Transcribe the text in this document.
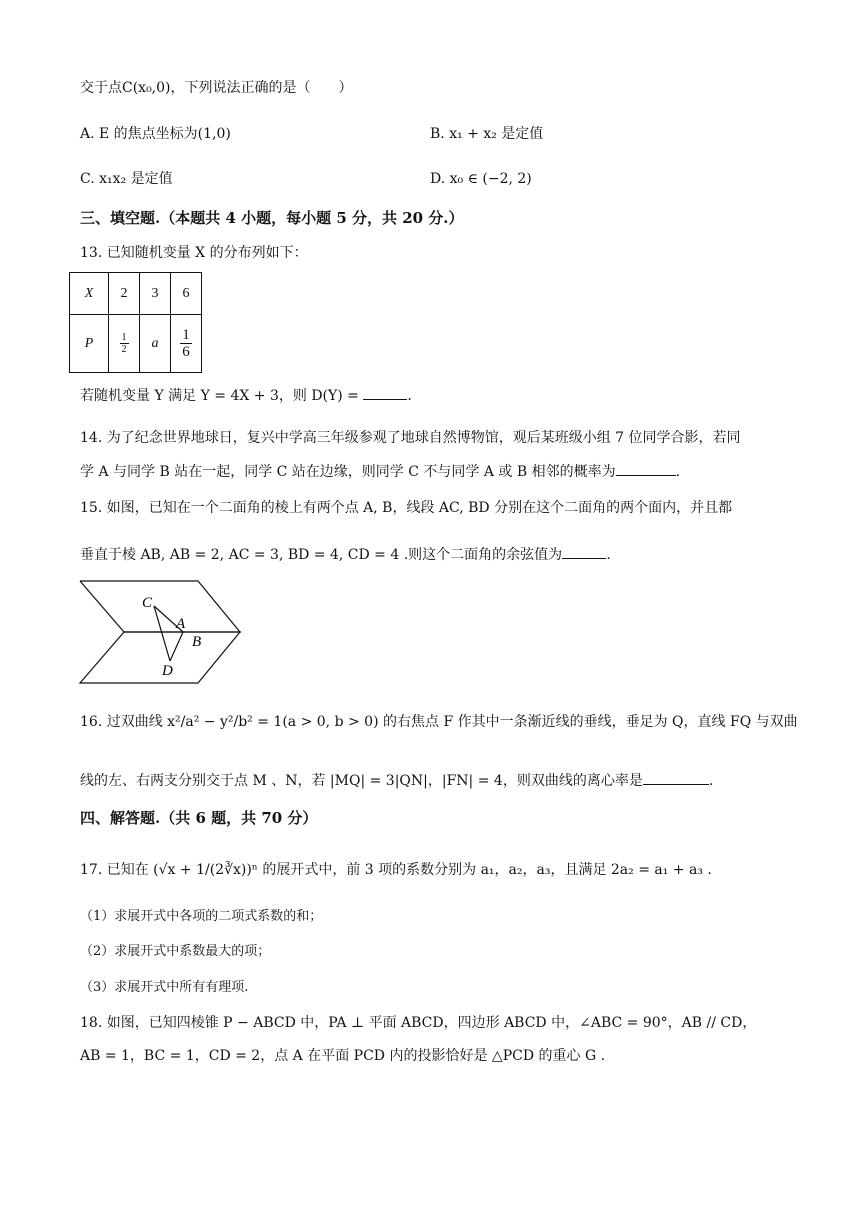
交于点C(x₀,0)，下列说法正确的是（　　）
A. E 的焦点坐标为(1,0)	B. x₁ + x₂ 是定值
C. x₁x₂ 是定值	D. x₀ ∈ (−2, 2)
三、填空题.（本题共 4 小题，每小题 5 分，共 20 分.）
13. 已知随机变量 X 的分布列如下：
X	2	3	6
P	$\frac{1}{2}$	a	$\frac{1}{6}$
若随机变量 Y 满足 Y = 4X + 3，则 D(Y) =	.
14. 为了纪念世界地球日，复兴中学高三年级参观了地球自然博物馆，观后某班级小组 7 位同学合影，若同
学 A 与同学 B 站在一起，同学 C 站在边缘，则同学 C 不与同学 A 或 B 相邻的概率为	.
15. 如图，已知在一个二面角的棱上有两个点 A, B，线段 AC, BD 分别在这个二面角的两个面内，并且都
垂直于棱 AB, AB = 2, AC = 3, BD = 4, CD = 4 .则这个二面角的余弦值为	.
C
A
B
D
16. 过双曲线 x²/a² − y²/b² = 1(a > 0, b > 0) 的右焦点 F 作其中一条渐近线的垂线，垂足为 Q，直线 FQ 与双曲
线的左、右两支分别交于点 M 、N，若 |MQ| = 3|QN|，|FN| = 4，则双曲线的离心率是	.
四、解答题.（共 6 题，共 70 分）
17. 已知在 (√x + 1/(2∛x))ⁿ 的展开式中，前 3 项的系数分别为 a₁，a₂，a₃，且满足 2a₂ = a₁ + a₃ .
（1）求展开式中各项的二项式系数的和；
（2）求展开式中系数最大的项；
（3）求展开式中所有有理项.
18. 如图，已知四棱锥 P − ABCD 中，PA ⊥ 平面 ABCD，四边形 ABCD 中，∠ABC = 90°，AB // CD，
AB = 1，BC = 1，CD = 2，点 A 在平面 PCD 内的投影恰好是 △PCD 的重心 G .
